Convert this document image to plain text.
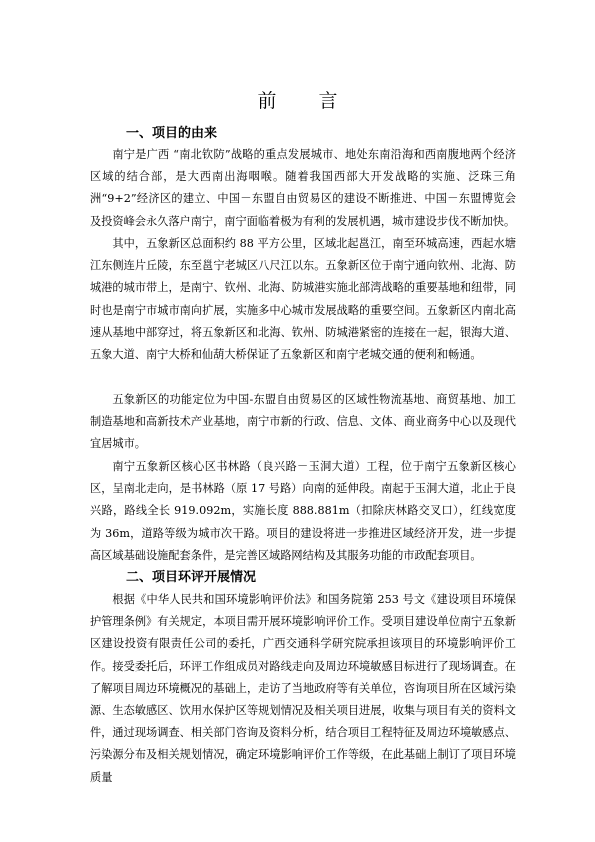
前 言
一、项目的由来

南宁是广西 “南北钦防”战略的重点发展城市、地处东南沿海和西南腹地两个经济区域的结合部，是大西南出海咽喉。随着我国西部大开发战略的实施、泛珠三角洲“9+2”经济区的建立、中国－东盟自由贸易区的建设不断推进、中国－东盟博览会及投资峰会永久落户南宁，南宁面临着极为有利的发展机遇，城市建设步伐不断加快。

其中，五象新区总面积约 88 平方公里，区域北起邕江，南至环城高速，西起水塘江东侧连片丘陵，东至邕宁老城区八尺江以东。五象新区位于南宁通向钦州、北海、防城港的城市带上，是南宁、钦州、北海、防城港实施北部湾战略的重要基地和纽带，同时也是南宁市城市南向扩展，实施多中心城市发展战略的重要空间。五象新区内南北高速从基地中部穿过，将五象新区和北海、钦州、防城港紧密的连接在一起，银海大道、五象大道、南宁大桥和仙葫大桥保证了五象新区和南宁老城交通的便利和畅通。

五象新区的功能定位为中国-东盟自由贸易区的区域性物流基地、商贸基地、加工制造基地和高新技术产业基地，南宁市新的行政、信息、文体、商业商务中心以及现代宜居城市。

南宁五象新区核心区书林路（良兴路－玉洞大道）工程，位于南宁五象新区核心区，呈南北走向，是书林路（原 17 号路）向南的延伸段。南起于玉洞大道，北止于良兴路，路线全长 919.092m，实施长度 888.881m（扣除庆林路交叉口），红线宽度为 36m，道路等级为城市次干路。项目的建设将进一步推进区域经济开发，进一步提高区域基础设施配套条件，是完善区域路网结构及其服务功能的市政配套项目。

二、项目环评开展情况

根据《中华人民共和国环境影响评价法》和国务院第 253 号文《建设项目环境保护管理条例》有关规定，本项目需开展环境影响评价工作。受项目建设单位南宁五象新区建设投资有限责任公司的委托，广西交通科学研究院承担该项目的环境影响评价工作。接受委托后，环评工作组成员对路线走向及周边环境敏感目标进行了现场调查。在了解项目周边环境概况的基础上，走访了当地政府等有关单位，咨询项目所在区域污染源、生态敏感区、饮用水保护区等规划情况及相关项目进展，收集与项目有关的资料文件，通过现场调查、相关部门咨询及资料分析，结合项目工程特征及周边环境敏感点、污染源分布及相关规划情况，确定环境影响评价工作等级，在此基础上制订了项目环境质量
